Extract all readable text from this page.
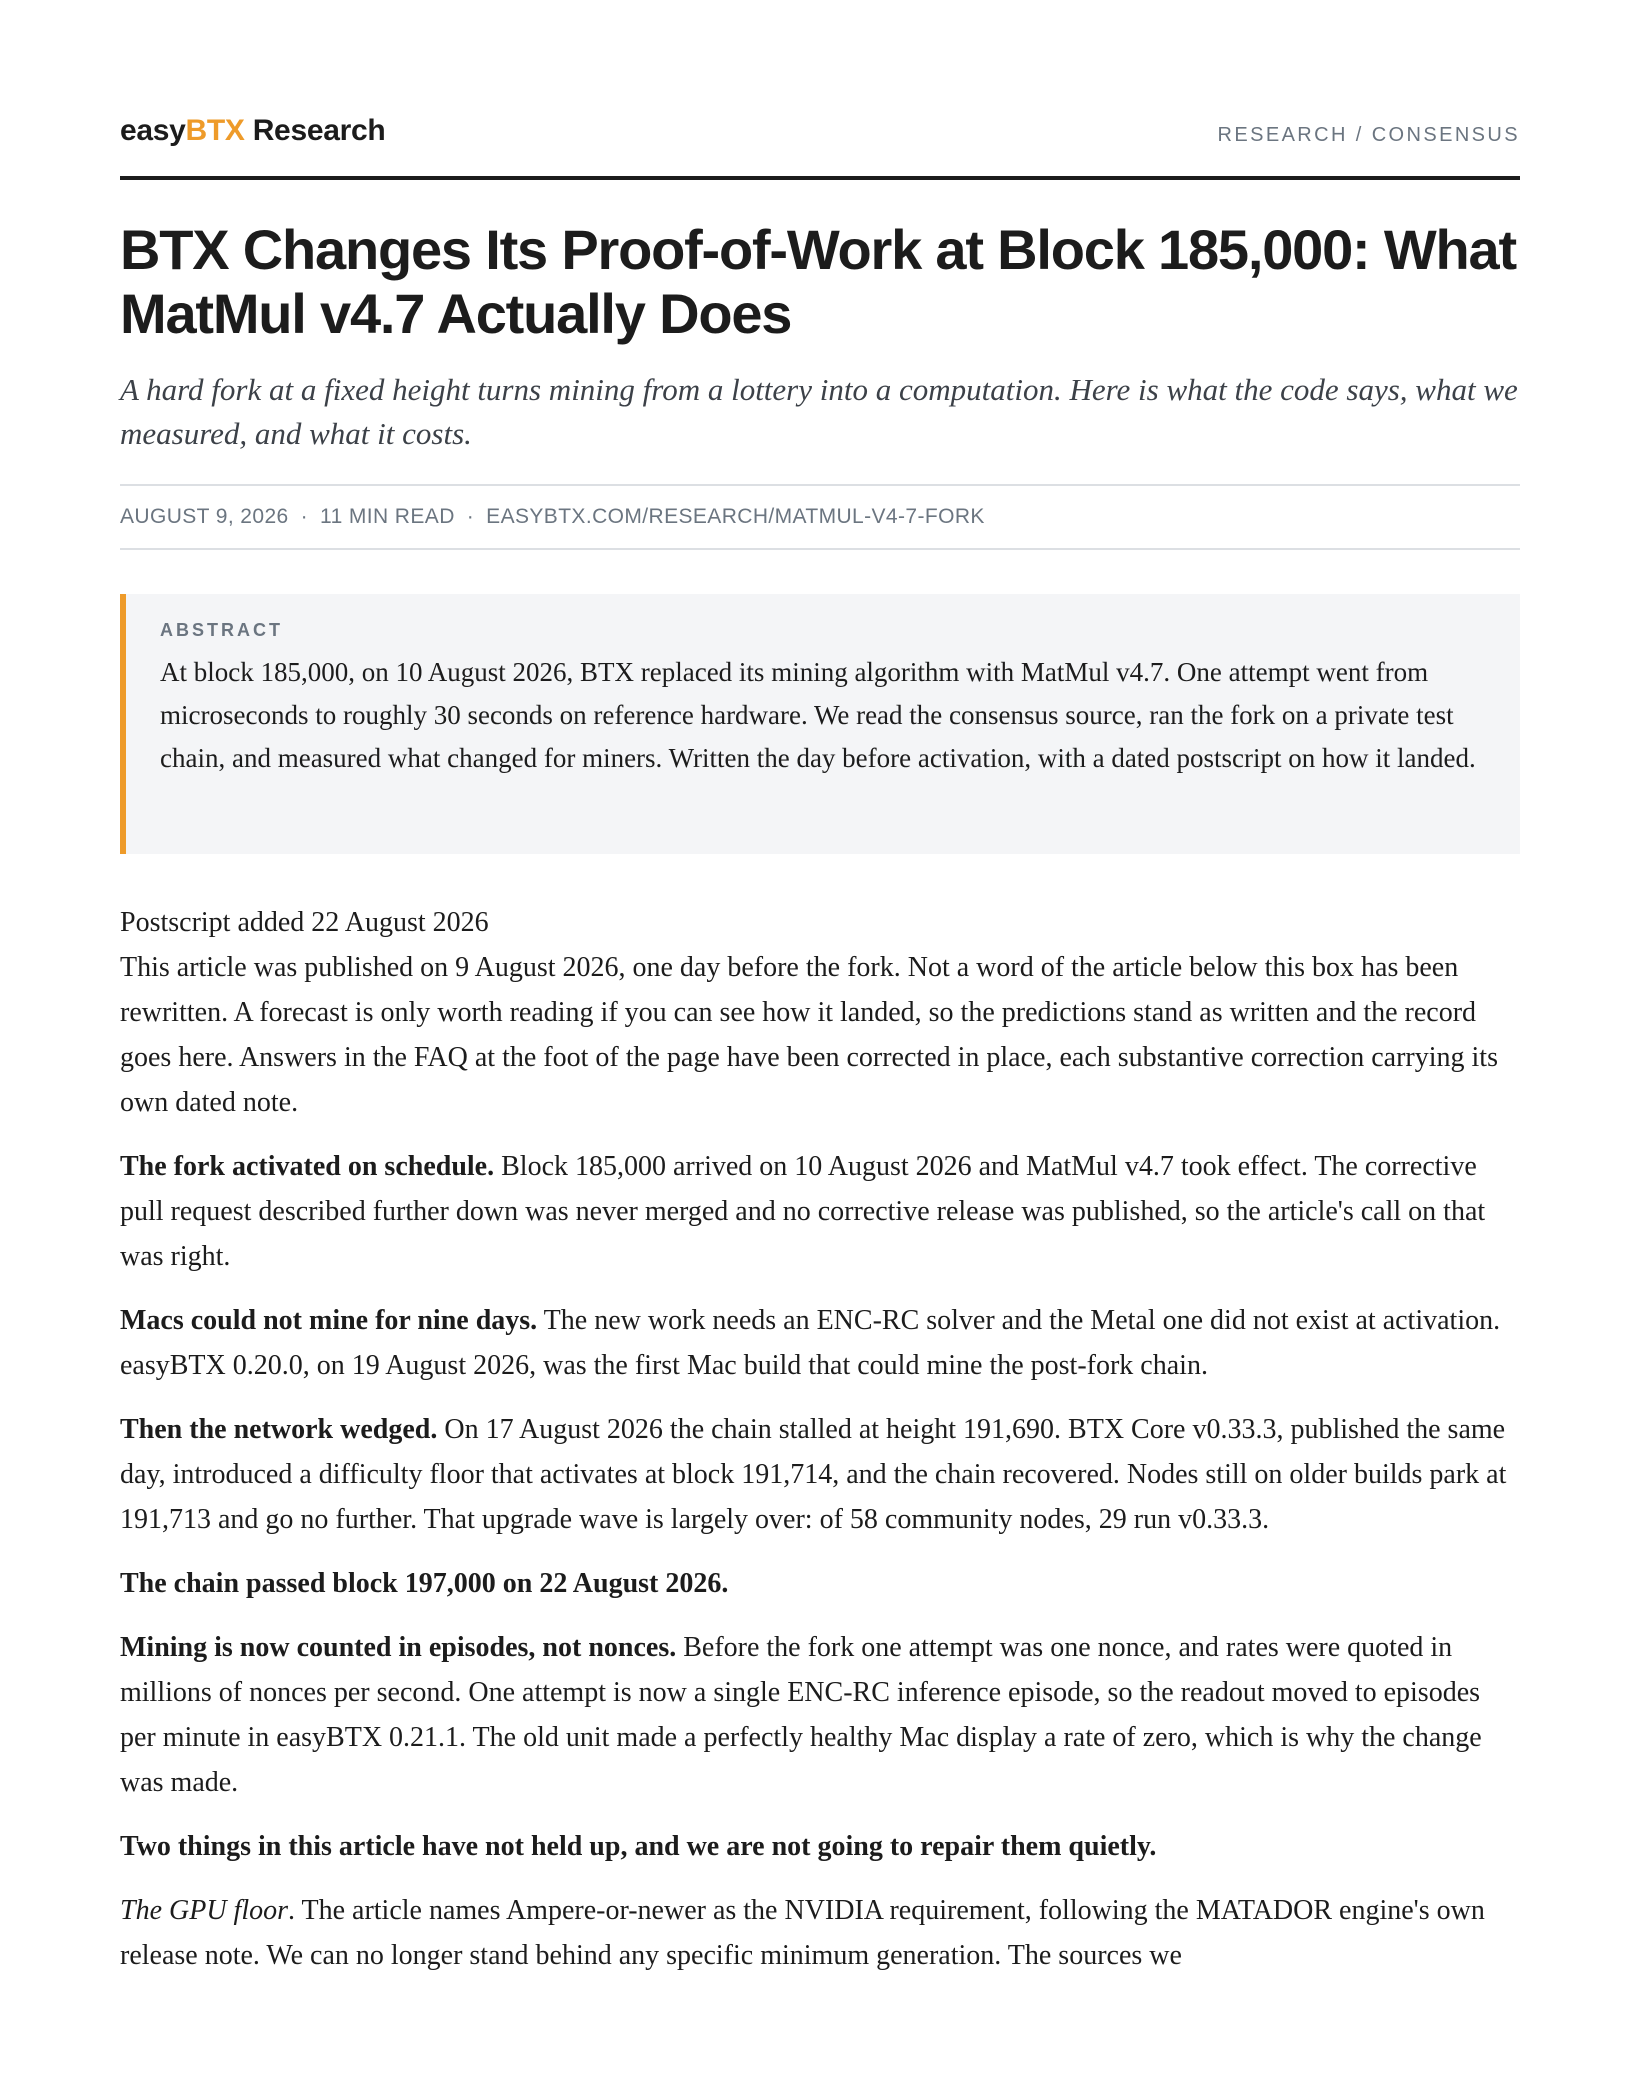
easyBTX Research	RESEARCH / CONSENSUS
BTX Changes Its Proof-of-Work at Block 185,000: What MatMul v4.7 Actually Does

A hard fork at a fixed height turns mining from a lottery into a computation. Here is what the code says, what we measured, and what it costs.

AUGUST 9, 2026 · 11 MIN READ · EASYBTX.COM/RESEARCH/MATMUL-V4-7-FORK
ABSTRACT

At block 185,000, on 10 August 2026, BTX replaced its mining algorithm with MatMul v4.7. One attempt went from microseconds to roughly 30 seconds on reference hardware. We read the consensus source, ran the fork on a private test chain, and measured what changed for miners. Written the day before activation, with a dated postscript on how it landed.

Postscript added 22 August 2026

This article was published on 9 August 2026, one day before the fork. Not a word of the article below this box has been rewritten. A forecast is only worth reading if you can see how it landed, so the predictions stand as written and the record goes here. Answers in the FAQ at the foot of the page have been corrected in place, each substantive correction carrying its own dated note.

The fork activated on schedule. Block 185,000 arrived on 10 August 2026 and MatMul v4.7 took effect. The corrective pull request described further down was never merged and no corrective release was published, so the article's call on that was right.

Macs could not mine for nine days. The new work needs an ENC-RC solver and the Metal one did not exist at activation. easyBTX 0.20.0, on 19 August 2026, was the first Mac build that could mine the post-fork chain.

Then the network wedged. On 17 August 2026 the chain stalled at height 191,690. BTX Core v0.33.3, published the same day, introduced a difficulty floor that activates at block 191,714, and the chain recovered. Nodes still on older builds park at 191,713 and go no further. That upgrade wave is largely over: of 58 community nodes, 29 run v0.33.3.

The chain passed block 197,000 on 22 August 2026.

Mining is now counted in episodes, not nonces. Before the fork one attempt was one nonce, and rates were quoted in millions of nonces per second. One attempt is now a single ENC-RC inference episode, so the readout moved to episodes per minute in easyBTX 0.21.1. The old unit made a perfectly healthy Mac display a rate of zero, which is why the change was made.

Two things in this article have not held up, and we are not going to repair them quietly.

The GPU floor. The article names Ampere-or-newer as the NVIDIA requirement, following the MATADOR engine's own release note. We can no longer stand behind any specific minimum generation. The sources we
